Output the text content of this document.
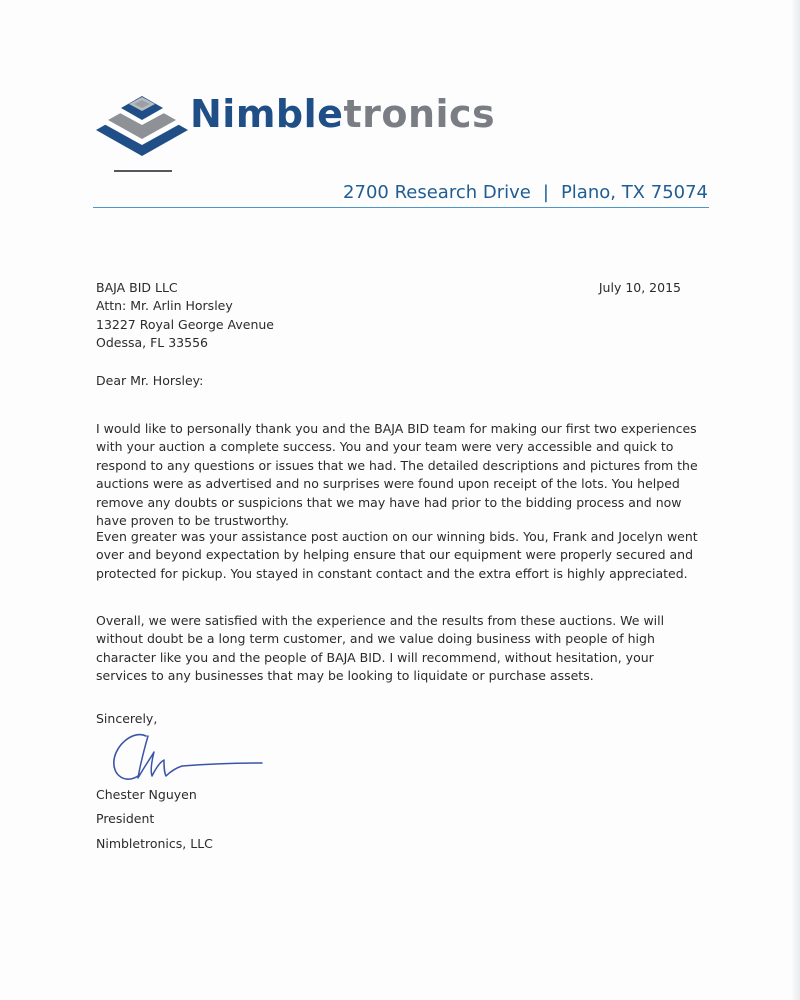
Nimbletronics
2700 Research Drive | Plano, TX 75074
BAJA BID LLC
Attn: Mr. Arlin Horsley
13227 Royal George Avenue
Odessa, FL 33556
July 10, 2015
Dear Mr. Horsley:
I would like to personally thank you and the BAJA BID team for making our first two experiences with your auction a complete success. You and your team were very accessible and quick to respond to any questions or issues that we had. The detailed descriptions and pictures from the auctions were as advertised and no surprises were found upon receipt of the lots. You helped remove any doubts or suspicions that we may have had prior to the bidding process and now have proven to be trustworthy.
Even greater was your assistance post auction on our winning bids. You, Frank and Jocelyn went over and beyond expectation by helping ensure that our equipment were properly secured and protected for pickup. You stayed in constant contact and the extra effort is highly appreciated.
Overall, we were satisfied with the experience and the results from these auctions. We will without doubt be a long term customer, and we value doing business with people of high character like you and the people of BAJA BID. I will recommend, without hesitation, your services to any businesses that may be looking to liquidate or purchase assets.
Sincerely,
Chester Nguyen
President
Nimbletronics, LLC
